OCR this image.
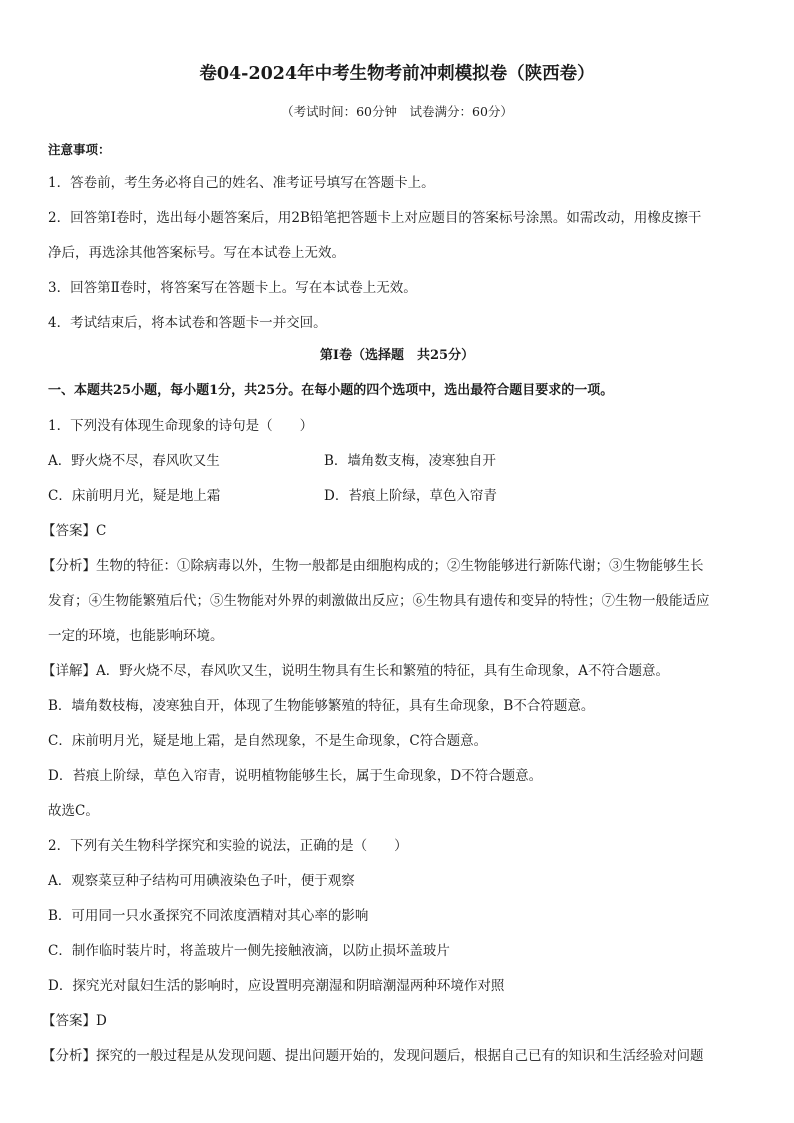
卷04-2024年中考生物考前冲刺模拟卷（陕西卷）
（考试时间：60分钟　试卷满分：60分）
注意事项：
1．答卷前，考生务必将自己的姓名、准考证号填写在答题卡上。
2．回答第Ⅰ卷时，选出每小题答案后，用2B铅笔把答题卡上对应题目的答案标号涂黑。如需改动，用橡皮擦干
净后，再选涂其他答案标号。写在本试卷上无效。
3．回答第Ⅱ卷时，将答案写在答题卡上。写在本试卷上无效。
4．考试结束后，将本试卷和答题卡一并交回。
第Ⅰ卷（选择题　共25分）
一、本题共25小题，每小题1分，共25分。在每小题的四个选项中，选出最符合题目要求的一项。
1．下列没有体现生命现象的诗句是（　　）
A．野火烧不尽，春风吹又生	B．墙角数支梅，凌寒独自开
C．床前明月光，疑是地上霜	D．苔痕上阶绿，草色入帘青
【答案】C
【分析】生物的特征：①除病毒以外，生物一般都是由细胞构成的；②生物能够进行新陈代谢；③生物能够生长
发育；④生物能繁殖后代；⑤生物能对外界的刺激做出反应；⑥生物具有遗传和变异的特性；⑦生物一般能适应
一定的环境，也能影响环境。
【详解】A．野火烧不尽，春风吹又生，说明生物具有生长和繁殖的特征，具有生命现象，A不符合题意。
B．墙角数枝梅，凌寒独自开，体现了生物能够繁殖的特征，具有生命现象，B不合符题意。
C．床前明月光，疑是地上霜，是自然现象，不是生命现象，C符合题意。
D．苔痕上阶绿，草色入帘青，说明植物能够生长，属于生命现象，D不符合题意。
故选C。
2．下列有关生物科学探究和实验的说法，正确的是（　　）
A．观察菜豆种子结构可用碘液染色子叶，便于观察
B．可用同一只水蚤探究不同浓度酒精对其心率的影响
C．制作临时装片时，将盖玻片一侧先接触液滴，以防止损坏盖玻片
D．探究光对鼠妇生活的影响时，应设置明亮潮湿和阴暗潮湿两种环境作对照
【答案】D
【分析】探究的一般过程是从发现问题、提出问题开始的，发现问题后，根据自己已有的知识和生活经验对问题
